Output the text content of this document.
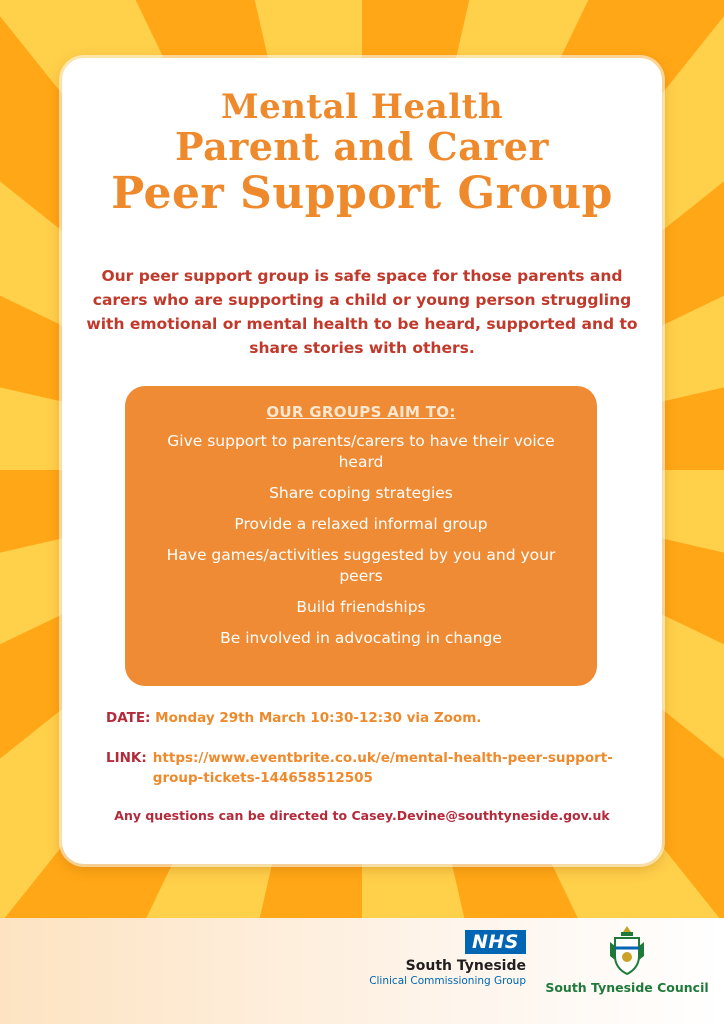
Mental Health
Parent and Carer
Peer Support Group
Our peer support group is safe space for those parents and carers who are supporting a child or young person struggling with emotional or mental health to be heard, supported and to share stories with others.
OUR GROUPS AIM TO:
Give support to parents/carers to have their voice heard
Share coping strategies
Provide a relaxed informal group
Have games/activities suggested by you and your peers
Build friendships
Be involved in advocating in change
DATE: Monday 29th March 10:30-12:30 via Zoom.
LINK: https://www.eventbrite.co.uk/e/mental-health-peer-support-group-tickets-144658512505
Any questions can be directed to Casey.Devine@southtyneside.gov.uk
NHS
South Tyneside
Clinical Commissioning Group	South Tyneside Council
